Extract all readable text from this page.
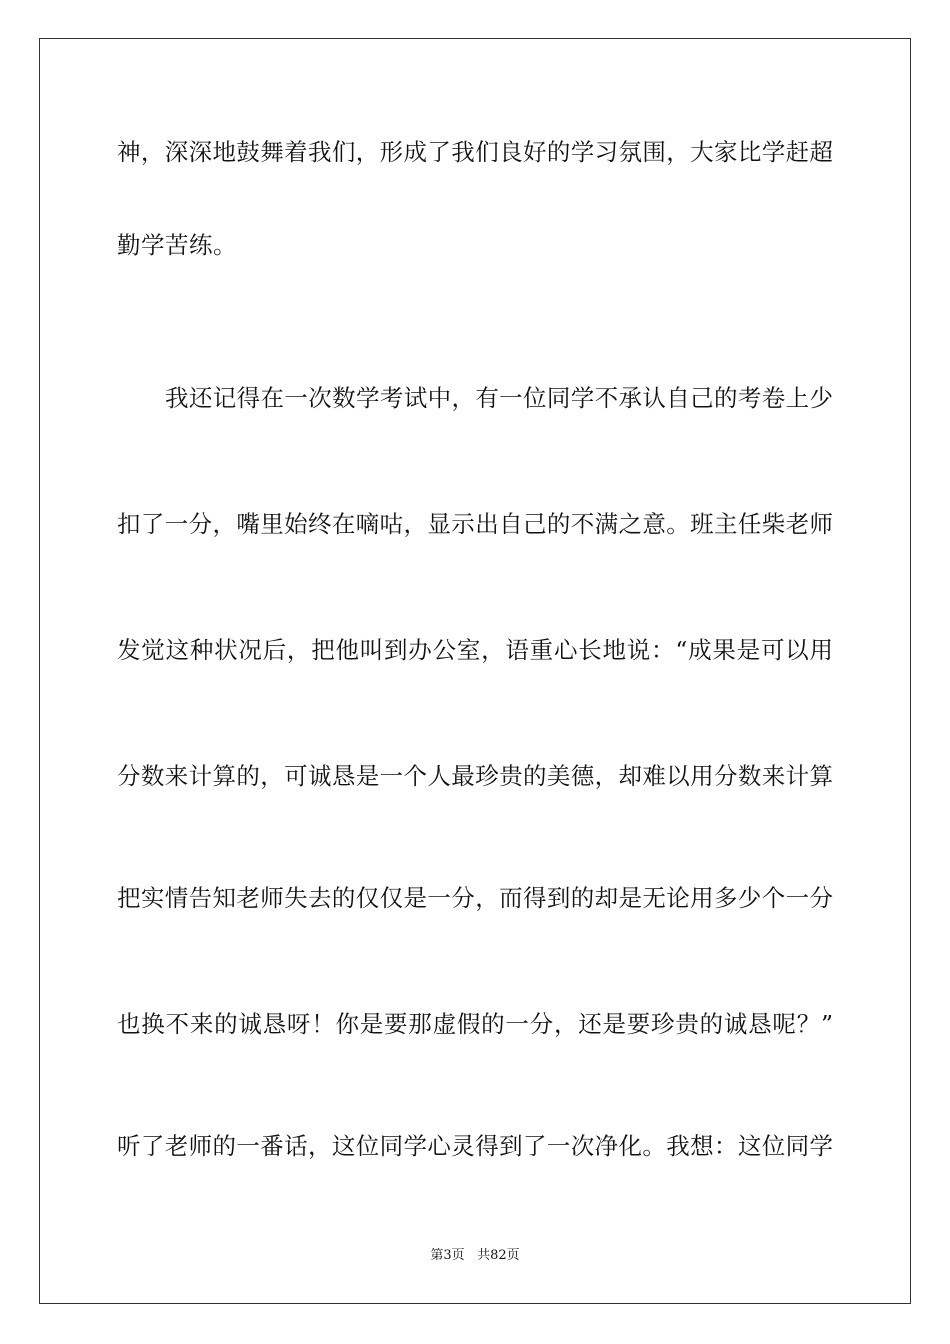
神，深深地鼓舞着我们，形成了我们良好的学习氛围，大家比学赶超
勤学苦练。
我还记得在一次数学考试中，有一位同学不承认自己的考卷上少
扣了一分，嘴里始终在嘀咕，显示出自己的不满之意。班主任柴老师
发觉这种状况后，把他叫到办公室，语重心长地说：“成果是可以用
分数来计算的，可诚恳是一个人最珍贵的美德，却难以用分数来计算
把实情告知老师失去的仅仅是一分，而得到的却是无论用多少个一分
也换不来的诚恳呀！你是要那虚假的一分，还是要珍贵的诚恳呢？”
听了老师的一番话，这位同学心灵得到了一次净化。我想：这位同学
第3页 共82页
